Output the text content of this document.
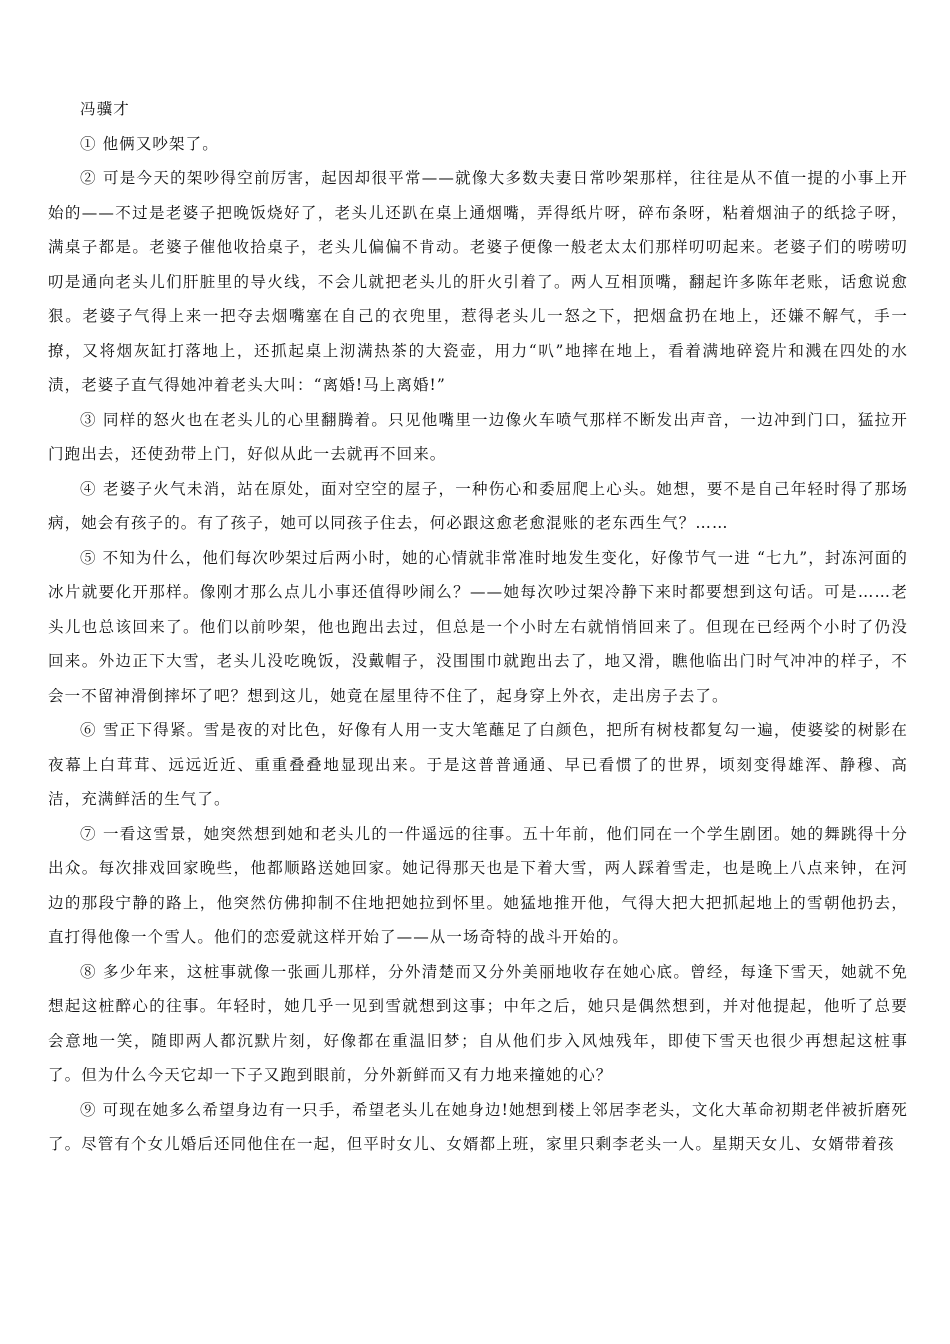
冯骥才

① 他俩又吵架了。

② 可是今天的架吵得空前厉害，起因却很平常——就像大多数夫妻日常吵架那样，往往是从不值一提的小事上开始的——不过是老婆子把晚饭烧好了，老头儿还趴在桌上通烟嘴，弄得纸片呀，碎布条呀，粘着烟油子的纸捻子呀，满桌子都是。老婆子催他收拾桌子，老头儿偏偏不肯动。老婆子便像一般老太太们那样叨叨起来。老婆子们的唠唠叨叨是通向老头儿们肝脏里的导火线，不会儿就把老头儿的肝火引着了。两人互相顶嘴，翻起许多陈年老账，话愈说愈狠。老婆子气得上来一把夺去烟嘴塞在自己的衣兜里，惹得老头儿一怒之下，把烟盒扔在地上，还嫌不解气，手一撩，又将烟灰缸打落地上，还抓起桌上沏满热茶的大瓷壶，用力“叭”地摔在地上，看着满地碎瓷片和溅在四处的水渍，老婆子直气得她冲着老头大叫：“离婚!马上离婚!”

③ 同样的怒火也在老头儿的心里翻腾着。只见他嘴里一边像火车喷气那样不断发出声音，一边冲到门口，猛拉开门跑出去，还使劲带上门，好似从此一去就再不回来。

④ 老婆子火气未消，站在原处，面对空空的屋子，一种伤心和委屈爬上心头。她想，要不是自己年轻时得了那场病，她会有孩子的。有了孩子，她可以同孩子住去，何必跟这愈老愈混账的老东西生气？……

⑤ 不知为什么，他们每次吵架过后两小时，她的心情就非常准时地发生变化，好像节气一进 “七九”，封冻河面的冰片就要化开那样。像刚才那么点儿小事还值得吵闹么？——她每次吵过架冷静下来时都要想到这句话。可是……老头儿也总该回来了。他们以前吵架，他也跑出去过，但总是一个小时左右就悄悄回来了。但现在已经两个小时了仍没回来。外边正下大雪，老头儿没吃晚饭，没戴帽子，没围围巾就跑出去了，地又滑，瞧他临出门时气冲冲的样子，不会一不留神滑倒摔坏了吧？想到这儿，她竟在屋里待不住了，起身穿上外衣，走出房子去了。

⑥ 雪正下得紧。雪是夜的对比色，好像有人用一支大笔蘸足了白颜色，把所有树枝都复勾一遍，使婆娑的树影在夜幕上白茸茸、远远近近、重重叠叠地显现出来。于是这普普通通、早已看惯了的世界，顷刻变得雄浑、静穆、高洁，充满鲜活的生气了。

⑦ 一看这雪景，她突然想到她和老头儿的一件遥远的往事。五十年前，他们同在一个学生剧团。她的舞跳得十分出众。每次排戏回家晚些，他都顺路送她回家。她记得那天也是下着大雪，两人踩着雪走，也是晚上八点来钟，在河边的那段宁静的路上，他突然仿佛抑制不住地把她拉到怀里。她猛地推开他，气得大把大把抓起地上的雪朝他扔去，直打得他像一个雪人。他们的恋爱就这样开始了——从一场奇特的战斗开始的。

⑧ 多少年来，这桩事就像一张画儿那样，分外清楚而又分外美丽地收存在她心底。曾经，每逢下雪天，她就不免想起这桩醉心的往事。年轻时，她几乎一见到雪就想到这事；中年之后，她只是偶然想到，并对他提起，他听了总要会意地一笑，随即两人都沉默片刻，好像都在重温旧梦；自从他们步入风烛残年，即使下雪天也很少再想起这桩事了。但为什么今天它却一下子又跑到眼前，分外新鲜而又有力地来撞她的心？

⑨ 可现在她多么希望身边有一只手，希望老头儿在她身边!她想到楼上邻居李老头，文化大革命初期老伴被折磨死了。尽管有个女儿婚后还同他住在一起，但平时女儿、女婿都上班，家里只剩李老头一人。星期天女儿、女婿带着孩
